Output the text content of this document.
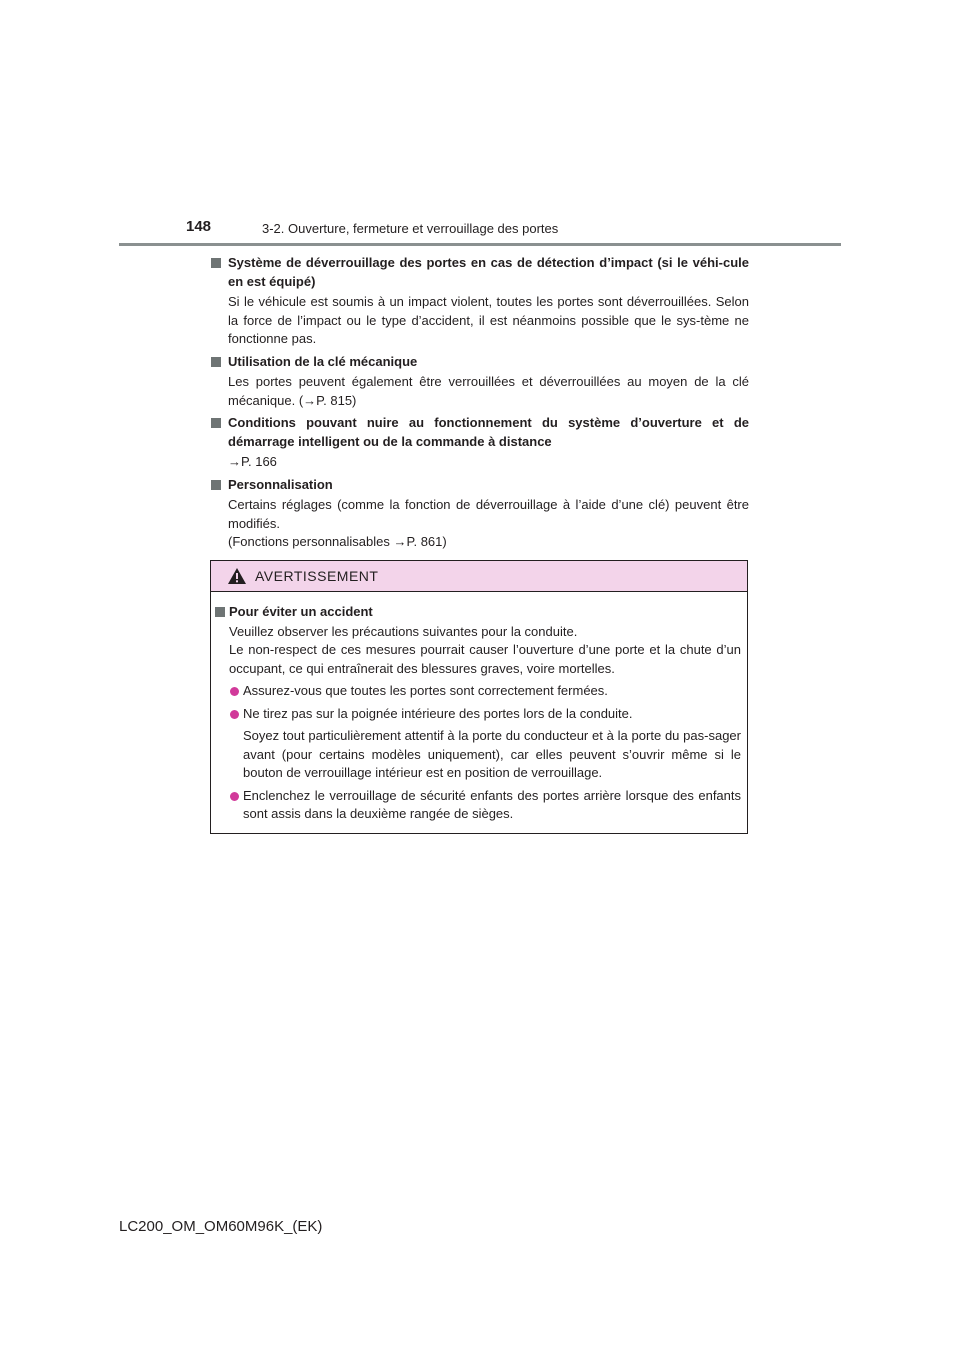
148	3-2. Ouverture, fermeture et verrouillage des portes
Système de déverrouillage des portes en cas de détection d’impact (si le véhi-cule en est équipé)
Si le véhicule est soumis à un impact violent, toutes les portes sont déverrouillées. Selon la force de l’impact ou le type d’accident, il est néanmoins possible que le sys-tème ne fonctionne pas.
Utilisation de la clé mécanique
Les portes peuvent également être verrouillées et déverrouillées au moyen de la clé mécanique. (→P. 815)
Conditions pouvant nuire au fonctionnement du système d’ouverture et de démarrage intelligent ou de la commande à distance
→P. 166
Personnalisation
Certains réglages (comme la fonction de déverrouillage à l’aide d’une clé) peuvent être modifiés.
(Fonctions personnalisables →P. 861)
AVERTISSEMENT
Pour éviter un accident
Veuillez observer les précautions suivantes pour la conduite.
Le non-respect de ces mesures pourrait causer l’ouverture d’une porte et la chute d’un occupant, ce qui entraînerait des blessures graves, voire mortelles.
Assurez-vous que toutes les portes sont correctement fermées.
Ne tirez pas sur la poignée intérieure des portes lors de la conduite.
Soyez tout particulièrement attentif à la porte du conducteur et à la porte du pas-sager avant (pour certains modèles uniquement), car elles peuvent s’ouvrir même si le bouton de verrouillage intérieur est en position de verrouillage.
Enclenchez le verrouillage de sécurité enfants des portes arrière lorsque des enfants sont assis dans la deuxième rangée de sièges.
LC200_OM_OM60M96K_(EK)
